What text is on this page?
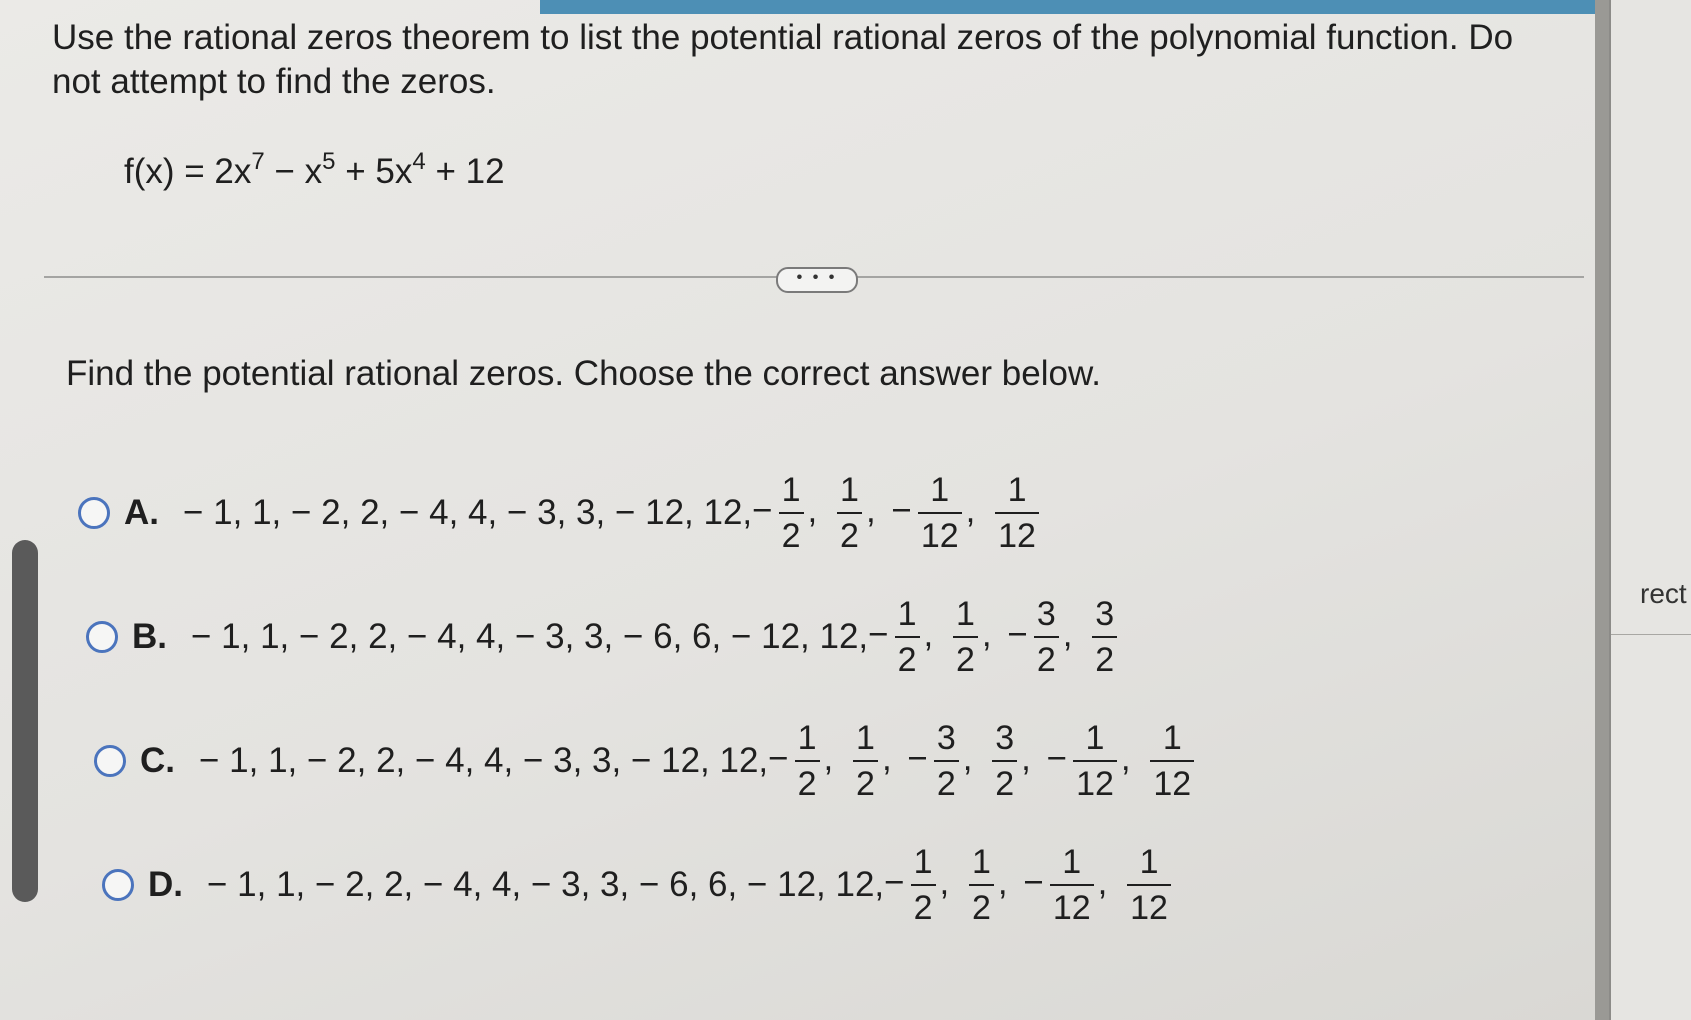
Use the rational zeros theorem to list the potential rational zeros of the polynomial function. Do not attempt to find the zeros.
$f(x) = 2x^7 - x^5 + 5x^4 + 12$
• • •
Find the potential rational zeros. Choose the correct answer below.
A. − 1, 1, − 2, 2, − 4, 4, − 3, 3, − 12, 12, − $\frac{1}{2}$ , $\frac{1}{2}$ , − $\frac{1}{12}$ , $\frac{1}{12}$
B. − 1, 1, − 2, 2, − 4, 4, − 3, 3, − 6, 6, − 12, 12, − $\frac{1}{2}$ , $\frac{1}{2}$ , − $\frac{3}{2}$ , $\frac{3}{2}$
C. − 1, 1, − 2, 2, − 4, 4, − 3, 3, − 12, 12, − $\frac{1}{2}$ , $\frac{1}{2}$ , − $\frac{3}{2}$ , $\frac{3}{2}$ , − $\frac{1}{12}$ , $\frac{1}{12}$
D. − 1, 1, − 2, 2, − 4, 4, − 3, 3, − 6, 6, − 12, 12, − $\frac{1}{2}$ , $\frac{1}{2}$ , − $\frac{1}{12}$ , $\frac{1}{12}$
rect
